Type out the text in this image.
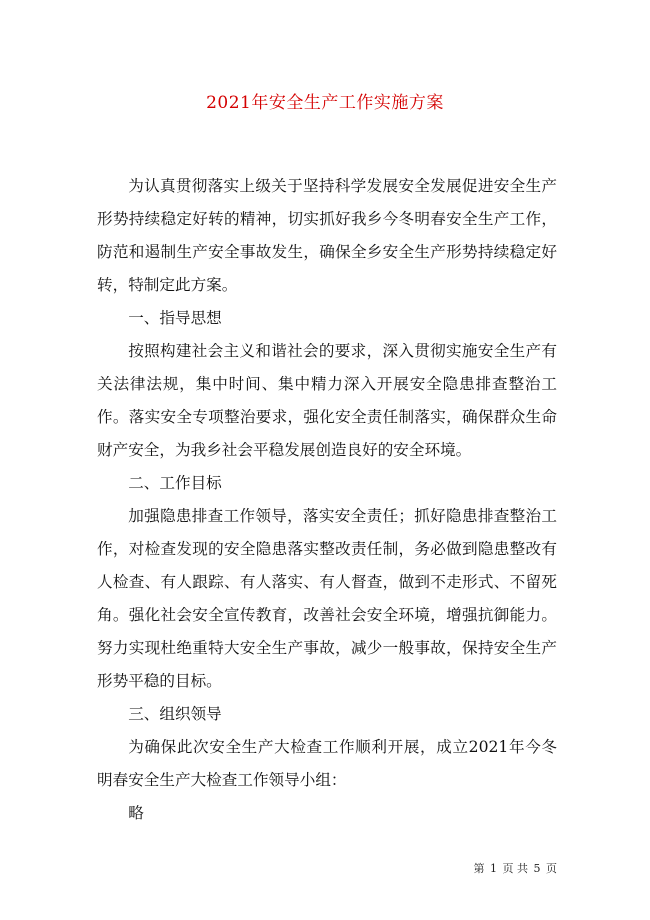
2021年安全生产工作实施方案

为认真贯彻落实上级关于坚持科学发展安全发展促进安全生产形势持续稳定好转的精神，切实抓好我乡今冬明春安全生产工作，防范和遏制生产安全事故发生，确保全乡安全生产形势持续稳定好转，特制定此方案。

一、指导思想

按照构建社会主义和谐社会的要求，深入贯彻实施安全生产有关法律法规，集中时间、集中精力深入开展安全隐患排查整治工作。落实安全专项整治要求，强化安全责任制落实，确保群众生命财产安全，为我乡社会平稳发展创造良好的安全环境。

二、工作目标

加强隐患排查工作领导，落实安全责任；抓好隐患排查整治工作，对检查发现的安全隐患落实整改责任制，务必做到隐患整改有人检查、有人跟踪、有人落实、有人督查，做到不走形式、不留死角。强化社会安全宣传教育，改善社会安全环境，增强抗御能力。努力实现杜绝重特大安全生产事故，减少一般事故，保持安全生产形势平稳的目标。

三、组织领导

为确保此次安全生产大检查工作顺利开展，成立2021年今冬明春安全生产大检查工作领导小组：

略

第 1 页 共 5 页
